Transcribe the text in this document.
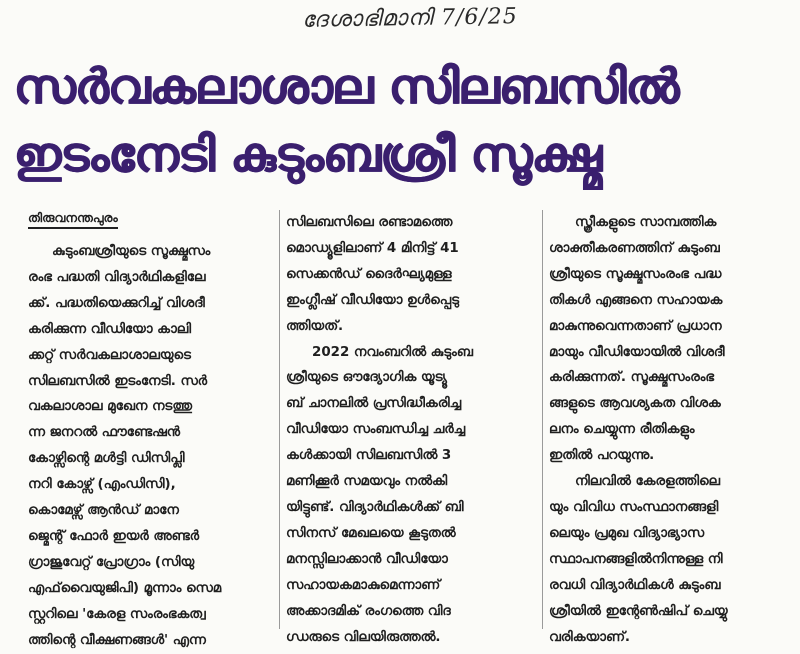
ദേശാഭിമാനി 7/6/25
സർവകലാശാല സിലബസിൽ
ഇടംനേടി കുടുംബശ്രീ സൂക്ഷ്മ
തിരുവനന്തപുരം
കുടുംബശ്രീയുടെ സൂക്ഷ്മസം
രംഭ പദ്ധതി വിദ്യാർഥികളിലേ
ക്ക്. പദ്ധതിയെക്കുറിച്ച് വിശദീ
കരിക്കുന്ന വീഡിയോ കാലി
ക്കറ്റ് സർവകലാശാലയുടെ
സിലബസിൽ ഇടംനേടി. സർ
വകലാശാല മുഖേന നടത്തു
ന്ന ജനറൽ ഫൗണ്ടേഷൻ
കോഴ്സിന്റെ മൾട്ടി ഡിസിപ്ലി
നറി കോഴ്സ് (എംഡിസി),
കൊമേഴ്സ് ആൻഡ് മാനേ
ജ്മെന്റ് ഫോർ ഇയർ അണ്ടർ
ഗ്രാജുവേറ്റ് പ്രോഗ്രാം (സിയു
എഫ്‌വൈയുജിപി) മൂന്നാം സെമ
സ്റ്ററിലെ 'കേരള സംരംഭകത്വ
ത്തിന്റെ വീക്ഷണങ്ങൾ' എന്ന
സിലബസിലെ രണ്ടാമത്തെ
മൊഡ്യൂളിലാണ് 4 മിനിട്ട് 41
സെക്കൻഡ് ദൈർഘ്യമുള്ള
ഇംഗ്ലീഷ് വീഡിയോ ഉൾപ്പെടു
ത്തിയത്.
2022 നവംബറിൽ കുടുംബ
ശ്രീയുടെ ഔദ്യോഗിക യൂട്യൂ
ബ് ചാനലിൽ പ്രസിദ്ധീകരിച്ച
വീഡിയോ സംബന്ധിച്ച ചർച്ച
കൾക്കായി സിലബസിൽ 3
മണിക്കൂർ സമയവും നൽകി
യിട്ടുണ്ട്. വിദ്യാർഥികൾക്ക് ബി
സിനസ് മേഖലയെ കൂടുതൽ
മനസ്സിലാക്കാൻ വീഡിയോ
സഹായകമാകുമെന്നാണ്
അക്കാദമിക് രംഗത്തെ വിദ
ഗ്ധരുടെ വിലയിരുത്തൽ.
സ്ത്രീകളുടെ സാമ്പത്തിക
ശാക്തീകരണത്തിന് കുടുംബ
ശ്രീയുടെ സൂക്ഷ്മസംരംഭ പദ്ധ
തികൾ എങ്ങനെ സഹായക
മാകുന്നുവെന്നതാണ് പ്രധാന
മായും വീഡിയോയിൽ വിശദീ
കരിക്കുന്നത്. സൂക്ഷ്മസംരംഭ
ങ്ങളുടെ ആവശ്യകത വിശക
ലനം ചെയ്യുന്ന രീതികളും
ഇതിൽ പറയുന്നു.
നിലവിൽ കേരളത്തിലെ
യും വിവിധ സംസ്ഥാനങ്ങളി
ലെയും പ്രമുഖ വിദ്യാഭ്യാസ
സ്ഥാപനങ്ങളിൽനിന്നുള്ള നി
രവധി വിദ്യാർഥികൾ കുടുംബ
ശ്രീയിൽ ഇന്റേൺഷിപ് ചെയ്യു
വരികയാണ്.
